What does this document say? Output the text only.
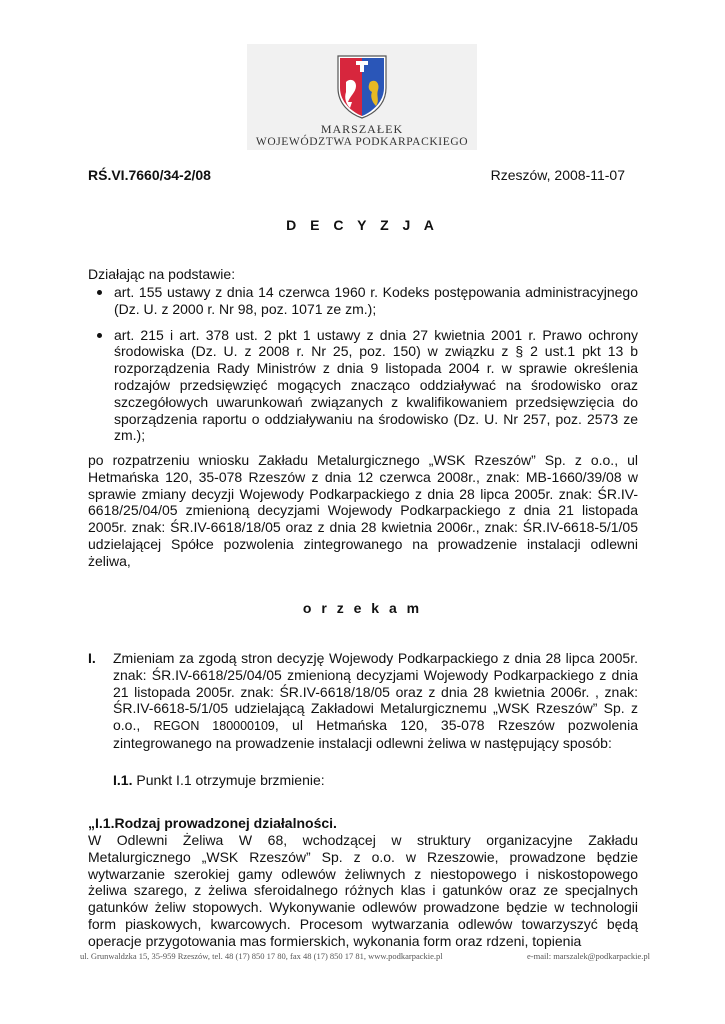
MARSZAŁEK
WOJEWÓDZTWA PODKARPACKIEGO
RŚ.VI.7660/34-2/08	Rzeszów, 2008-11-07
D E C Y Z J A
Działając na podstawie:
art. 155 ustawy z dnia 14 czerwca 1960 r. Kodeks postępowania administracyjnego (Dz. U. z 2000 r. Nr 98, poz. 1071 ze zm.);
art. 215 i art. 378 ust. 2 pkt 1 ustawy z dnia 27 kwietnia 2001 r. Prawo ochrony środowiska (Dz. U. z 2008 r. Nr 25, poz. 150) w związku z § 2 ust.1 pkt 13 b rozporządzenia Rady Ministrów z dnia 9 listopada 2004 r. w sprawie określenia rodzajów przedsięwzięć mogących znacząco oddziaływać na środowisko oraz szczegółowych uwarunkowań związanych z kwalifikowaniem przedsięwzięcia do sporządzenia raportu o oddziaływaniu na środowisko (Dz. U. Nr 257, poz. 2573 ze zm.);
po rozpatrzeniu wniosku Zakładu Metalurgicznego „WSK Rzeszów” Sp. z o.o., ul Hetmańska 120, 35-078 Rzeszów z dnia 12 czerwca 2008r., znak: MB-1660/39/08 w sprawie zmiany decyzji Wojewody Podkarpackiego z dnia 28 lipca 2005r. znak: ŚR.IV-6618/25/04/05 zmienioną decyzjami Wojewody Podkarpackiego z dnia 21 listopada 2005r. znak: ŚR.IV-6618/18/05 oraz z dnia 28 kwietnia 2006r., znak: ŚR.IV-6618-5/1/05 udzielającej Spółce pozwolenia zintegrowanego na prowadzenie instalacji odlewni żeliwa,
o r z e k a m
I. Zmieniam za zgodą stron decyzję Wojewody Podkarpackiego z dnia 28 lipca 2005r. znak: ŚR.IV-6618/25/04/05 zmienioną decyzjami Wojewody Podkarpackiego z dnia 21 listopada 2005r. znak: ŚR.IV-6618/18/05 oraz z dnia 28 kwietnia 2006r. , znak: ŚR.IV-6618-5/1/05 udzielającą Zakładowi Metalurgicznemu „WSK Rzeszów” Sp. z o.o., REGON 180000109, ul Hetmańska 120, 35-078 Rzeszów pozwolenia zintegrowanego na prowadzenie instalacji odlewni żeliwa w następujący sposób:
I.1. Punkt I.1 otrzymuje brzmienie:
„I.1.Rodzaj prowadzonej działalności.
W Odlewni Żeliwa W 68, wchodzącej w struktury organizacyjne Zakładu Metalurgicznego „WSK Rzeszów” Sp. z o.o. w Rzeszowie, prowadzone będzie wytwarzanie szerokiej gamy odlewów żeliwnych z niestopowego i niskostopowego żeliwa szarego, z żeliwa sferoidalnego różnych klas i gatunków oraz ze specjalnych gatunków żeliw stopowych. Wykonywanie odlewów prowadzone będzie w technologii form piaskowych, kwarcowych. Procesom wytwarzania odlewów towarzyszyć będą operacje przygotowania mas formierskich, wykonania form oraz rdzeni, topienia
ul. Grunwaldzka 15, 35-959 Rzeszów, tel. 48 (17) 850 17 80, fax 48 (17) 850 17 81, www.podkarpackie.pl	e-mail: marszalek@podkarpackie.pl
